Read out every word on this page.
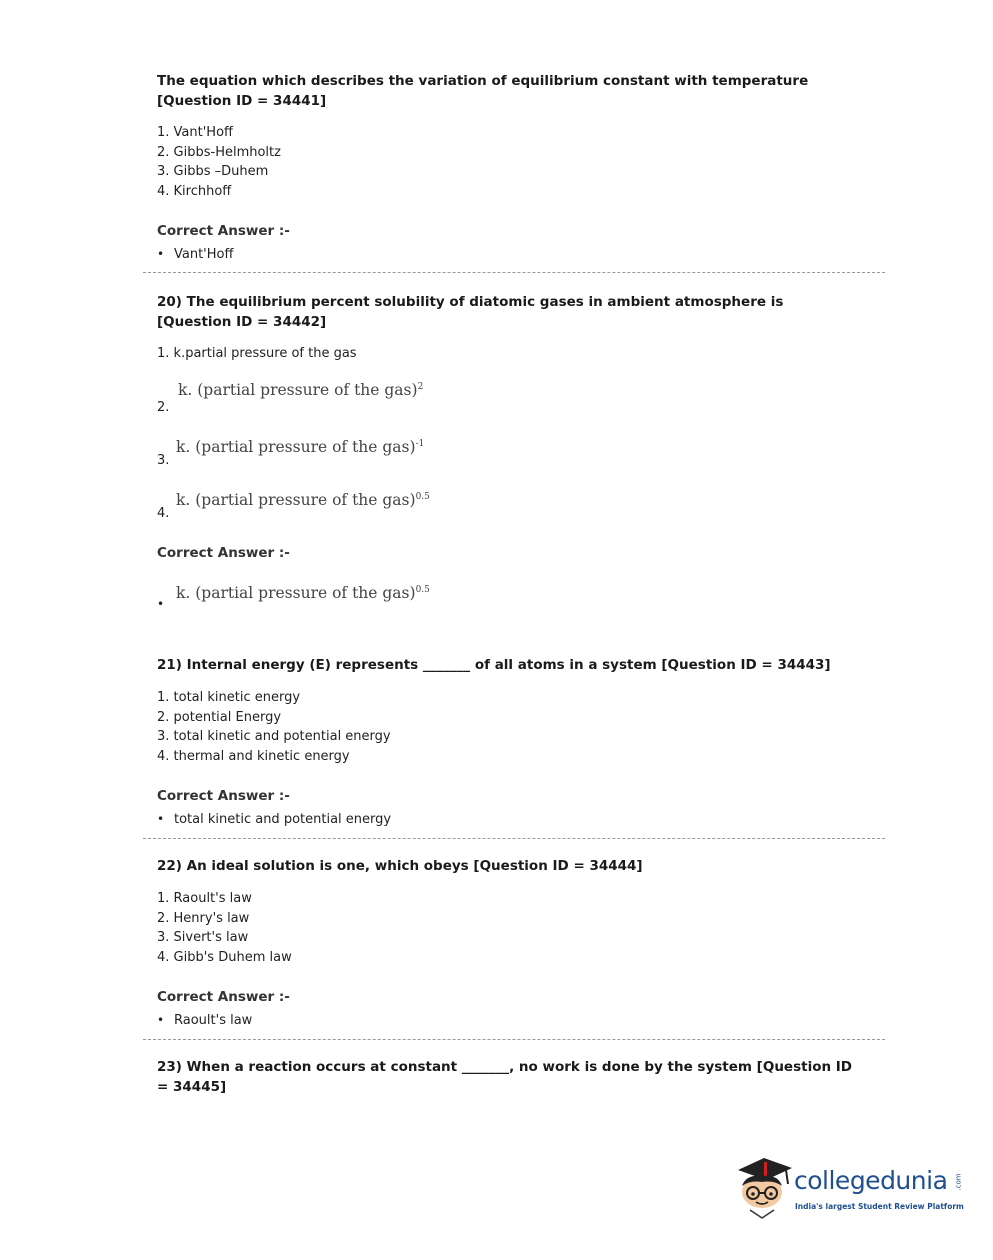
The equation which describes the variation of equilibrium constant with temperature [Question ID = 34441]
1. Vant'Hoff
2. Gibbs-Helmholtz
3. Gibbs –Duhem
4. Kirchhoff
Correct Answer :-
• Vant'Hoff
20) The equilibrium percent solubility of diatomic gases in ambient atmosphere is [Question ID = 34442]
1. k.partial pressure of the gas
k. (partial pressure of the gas)$^2$
2.
k. (partial pressure of the gas)$^{-1}$
3.
k. (partial pressure of the gas)$^{0.5}$
4.
Correct Answer :-
k. (partial pressure of the gas)$^{0.5}$
•
21) Internal energy (E) represents _______ of all atoms in a system [Question ID = 34443]
1. total kinetic energy
2. potential Energy
3. total kinetic and potential energy
4. thermal and kinetic energy
Correct Answer :-
• total kinetic and potential energy
22) An ideal solution is one, which obeys [Question ID = 34444]
1. Raoult's law
2. Henry's law
3. Sivert's law
4. Gibb's Duhem law
Correct Answer :-
• Raoult's law
23) When a reaction occurs at constant _______, no work is done by the system [Question ID = 34445]
collegedunia .com
India's largest Student Review Platform
